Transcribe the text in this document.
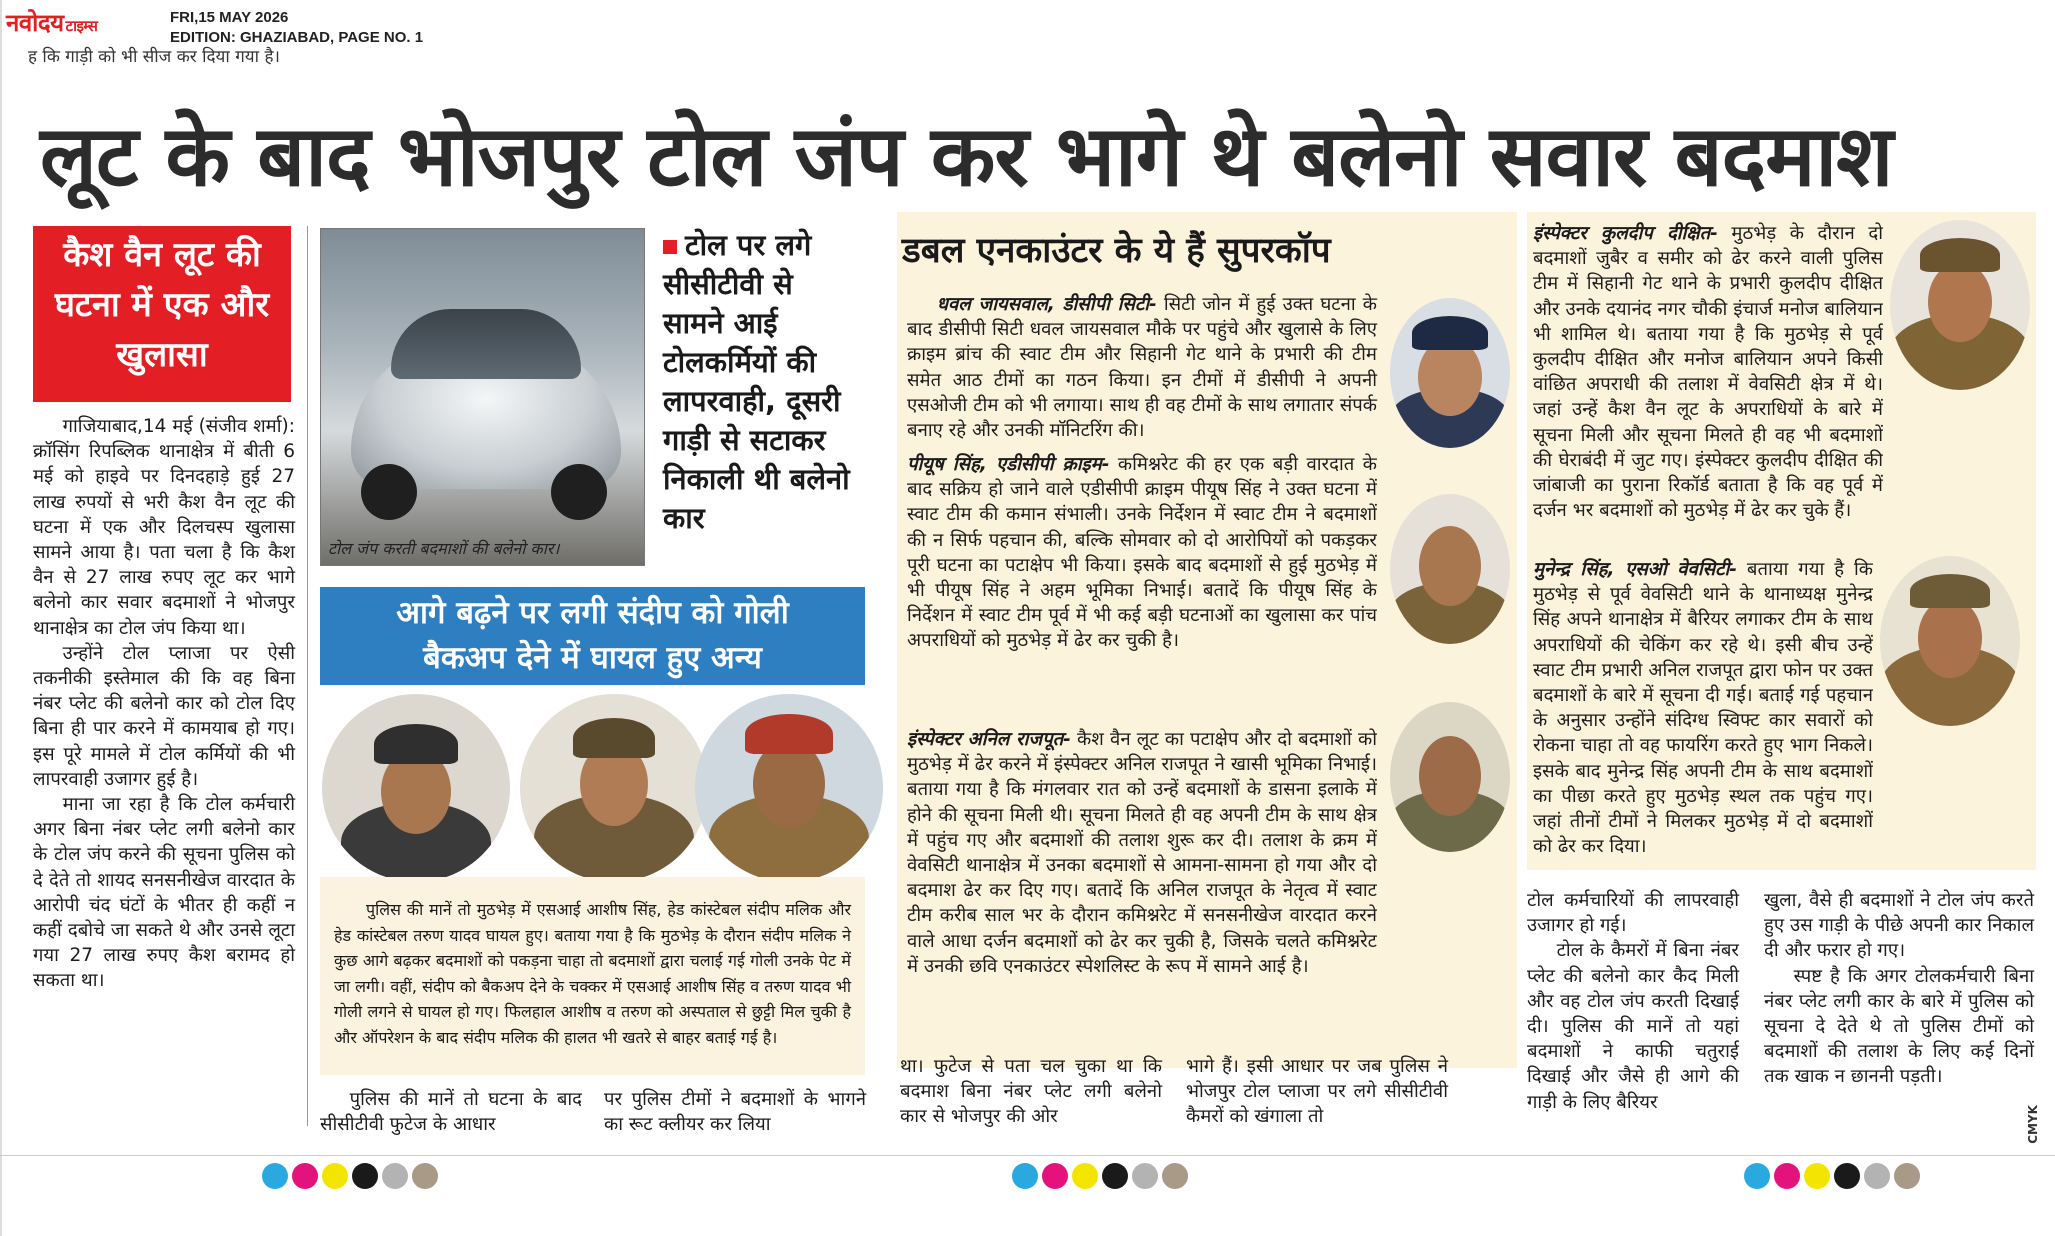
नवोदय टाइम्स	FRI,15 MAY 2026
EDITION: GHAZIABAD, PAGE NO. 1
ह कि गाड़ी को भी सीज कर दिया गया है।
लूट के बाद भोजपुर टोल जंप कर भागे थे बलेनो सवार बदमाश
कैश वैन लूट की घटना में एक और खुलासा

गाजियाबाद,14 मई (संजीव शर्मा): क्रॉसिंग रिपब्लिक थानाक्षेत्र में बीती 6 मई को हाइवे पर दिनदहाड़े हुई 27 लाख रुपयों से भरी कैश वैन लूट की घटना में एक और दिलचस्प खुलासा सामने आया है। पता चला है कि कैश वैन से 27 लाख रुपए लूट कर भागे बलेनो कार सवार बदमाशों ने भोजपुर थानाक्षेत्र का टोल जंप किया था।

उन्होंने टोल प्लाजा पर ऐसी तकनीकी इस्तेमाल की कि वह बिना नंबर प्लेट की बलेनो कार को टोल दिए बिना ही पार करने में कामयाब हो गए। इस पूरे मामले में टोल कर्मियों की भी लापरवाही उजागर हुई है।

माना जा रहा है कि टोल कर्मचारी अगर बिना नंबर प्लेट लगी बलेनो कार के टोल जंप करने की सूचना पुलिस को दे देते तो शायद सनसनीखेज वारदात के आरोपी चंद घंटों के भीतर ही कहीं न कहीं दबोचे जा सकते थे और उनसे लूटा गया 27 लाख रुपए कैश बरामद हो सकता था।

टोल जंप करती बदमाशों की बलेनो कार।
टोल पर लगे सीसीटीवी से सामने आई टोलकर्मियों की लापरवाही, दूसरी गाड़ी से सटाकर निकाली थी बलेनो कार
आगे बढ़ने पर लगी संदीप को गोली
बैकअप देने में घायल हुए अन्य
पुलिस की मानें तो मुठभेड़ में एसआई आशीष सिंह, हेड कांस्टेबल संदीप मलिक और हेड कांस्टेबल तरुण यादव घायल हुए। बताया गया है कि मुठभेड़ के दौरान संदीप मलिक ने कुछ आगे बढ़कर बदमाशों को पकड़ना चाहा तो बदमाशों द्वारा चलाई गई गोली उनके पेट में जा लगी। वहीं, संदीप को बैकअप देने के चक्कर में एसआई आशीष सिंह व तरुण यादव भी गोली लगने से घायल हो गए। फिलहाल आशीष व तरुण को अस्पताल से छुट्टी मिल चुकी है और ऑपरेशन के बाद संदीप मलिक की हालत भी खतरे से बाहर बताई गई है।

पुलिस की मानें तो घटना के बाद सीसीटीवी फुटेज के आधार

पर पुलिस टीमों ने बदमाशों के भागने का रूट क्लीयर कर लिया

डबल एनकाउंटर के ये हैं सुपरकॉप

धवल जायसवाल, डीसीपी सिटी- सिटी जोन में हुई उक्त घटना के बाद डीसीपी सिटी धवल जायसवाल मौके पर पहुंचे और खुलासे के लिए क्राइम ब्रांच की स्वाट टीम और सिहानी गेट थाने के प्रभारी की टीम समेत आठ टीमों का गठन किया। इन टीमों में डीसीपी ने अपनी एसओजी टीम को भी लगाया। साथ ही वह टीमों के साथ लगातार संपर्क बनाए रहे और उनकी मॉनिटरिंग की।

पीयूष सिंह, एडीसीपी क्राइम- कमिश्नरेट की हर एक बड़ी वारदात के बाद सक्रिय हो जाने वाले एडीसीपी क्राइम पीयूष सिंह ने उक्त घटना में स्वाट टीम की कमान संभाली। उनके निर्देशन में स्वाट टीम ने बदमाशों की न सिर्फ पहचान की, बल्कि सोमवार को दो आरोपियों को पकड़कर पूरी घटना का पटाक्षेप भी किया। इसके बाद बदमाशों से हुई मुठभेड़ में भी पीयूष सिंह ने अहम भूमिका निभाई। बतादें कि पीयूष सिंह के निर्देशन में स्वाट टीम पूर्व में भी कई बड़ी घटनाओं का खुलासा कर पांच अपराधियों को मुठभेड़ में ढेर कर चुकी है।

इंस्पेक्टर अनिल राजपूत- कैश वैन लूट का पटाक्षेप और दो बदमाशों को मुठभेड़ में ढेर करने में इंस्पेक्टर अनिल राजपूत ने खासी भूमिका निभाई। बताया गया है कि मंगलवार रात को उन्हें बदमाशों के डासना इलाके में होने की सूचना मिली थी। सूचना मिलते ही वह अपनी टीम के साथ क्षेत्र में पहुंच गए और बदमाशों की तलाश शुरू कर दी। तलाश के क्रम में वेवसिटी थानाक्षेत्र में उनका बदमाशों से आमना-सामना हो गया और दो बदमाश ढेर कर दिए गए। बतादें कि अनिल राजपूत के नेतृत्व में स्वाट टीम करीब साल भर के दौरान कमिश्नरेट में सनसनीखेज वारदात करने वाले आधा दर्जन बदमाशों को ढेर कर चुकी है, जिसके चलते कमिश्नरेट में उनकी छवि एनकाउंटर स्पेशलिस्ट के रूप में सामने आई है।

इंस्पेक्टर कुलदीप दीक्षित- मुठभेड़ के दौरान दो बदमाशों जुबैर व समीर को ढेर करने वाली पुलिस टीम में सिहानी गेट थाने के प्रभारी कुलदीप दीक्षित और उनके दयानंद नगर चौकी इंचार्ज मनोज बालियान भी शामिल थे। बताया गया है कि मुठभेड़ से पूर्व कुलदीप दीक्षित और मनोज बालियान अपने किसी वांछित अपराधी की तलाश में वेवसिटी क्षेत्र में थे। जहां उन्हें कैश वैन लूट के अपराधियों के बारे में सूचना मिली और सूचना मिलते ही वह भी बदमाशों की घेराबंदी में जुट गए। इंस्पेक्टर कुलदीप दीक्षित की जांबाजी का पुराना रिकॉर्ड बताता है कि वह पूर्व में दर्जन भर बदमाशों को मुठभेड़ में ढेर कर चुके हैं।

मुनेन्द्र सिंह, एसओ वेवसिटी- बताया गया है कि मुठभेड़ से पूर्व वेवसिटी थाने के थानाध्यक्ष मुनेन्द्र सिंह अपने थानाक्षेत्र में बैरियर लगाकर टीम के साथ अपराधियों की चेकिंग कर रहे थे। इसी बीच उन्हें स्वाट टीम प्रभारी अनिल राजपूत द्वारा फोन पर उक्त बदमाशों के बारे में सूचना दी गई। बताई गई पहचान के अनुसार उन्होंने संदिग्ध स्विफ्ट कार सवारों को रोकना चाहा तो वह फायरिंग करते हुए भाग निकले। इसके बाद मुनेन्द्र सिंह अपनी टीम के साथ बदमाशों का पीछा करते हुए मुठभेड़ स्थल तक पहुंच गए। जहां तीनों टीमों ने मिलकर मुठभेड़ में दो बदमाशों को ढेर कर दिया।

था। फुटेज से पता चल चुका था कि बदमाश बिना नंबर प्लेट लगी बलेनो कार से भोजपुर की ओर

भागे हैं। इसी आधार पर जब पुलिस ने भोजपुर टोल प्लाजा पर लगे सीसीटीवी कैमरों को खंगाला तो

टोल कर्मचारियों की लापरवाही उजागर हो गई।

टोल के कैमरों में बिना नंबर प्लेट की बलेनो कार कैद मिली और वह टोल जंप करती दिखाई दी। पुलिस की मानें तो यहां बदमाशों ने काफी चतुराई दिखाई और जैसे ही आगे की गाड़ी के लिए बैरियर

खुला, वैसे ही बदमाशों ने टोल जंप करते हुए उस गाड़ी के पीछे अपनी कार निकाल दी और फरार हो गए।

स्पष्ट है कि अगर टोलकर्मचारी बिना नंबर प्लेट लगी कार के बारे में पुलिस को सूचना दे देते थे तो पुलिस टीमों को बदमाशों की तलाश के लिए कई दिनों तक खाक न छाननी पड़ती।

CMYK
